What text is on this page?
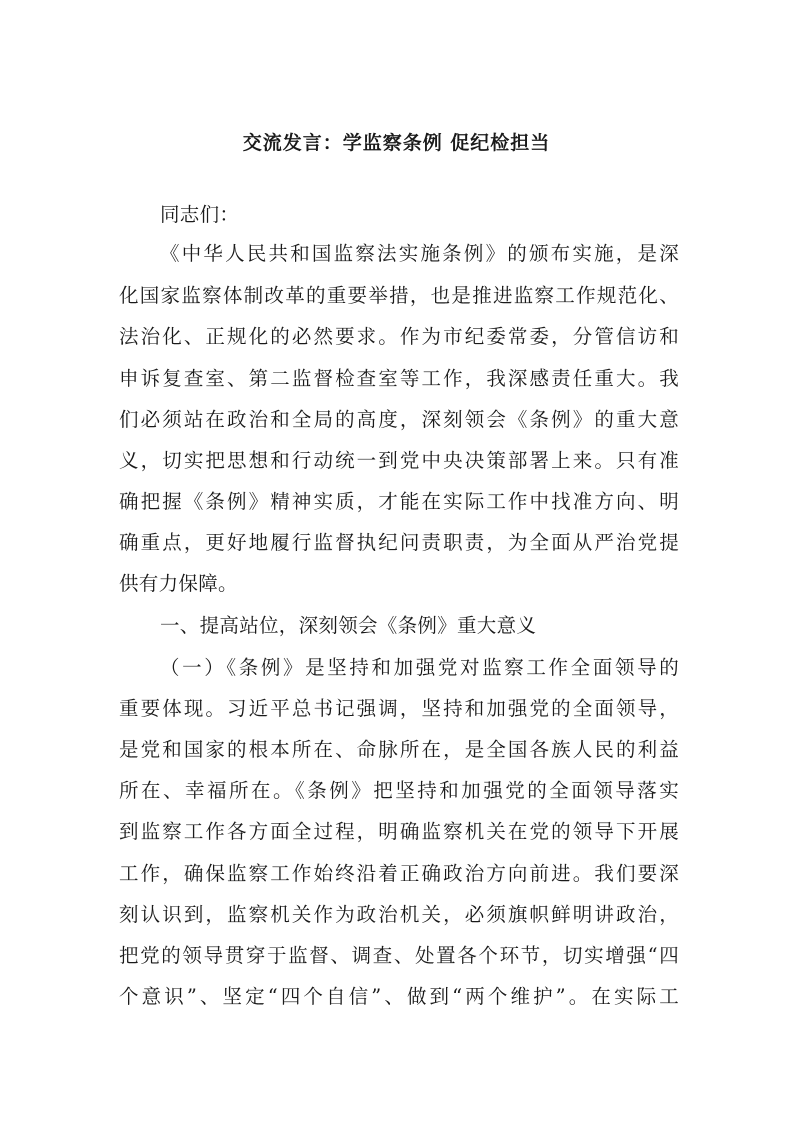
交流发言：学监察条例 促纪检担当
同志们：
《中华人民共和国监察法实施条例》的颁布实施，是深
化国家监察体制改革的重要举措，也是推进监察工作规范化、
法治化、正规化的必然要求。作为市纪委常委，分管信访和
申诉复查室、第二监督检查室等工作，我深感责任重大。我
们必须站在政治和全局的高度，深刻领会《条例》的重大意
义，切实把思想和行动统一到党中央决策部署上来。只有准
确把握《条例》精神实质，才能在实际工作中找准方向、明
确重点，更好地履行监督执纪问责职责，为全面从严治党提
供有力保障。
一、提高站位，深刻领会《条例》重大意义
（一）《条例》是坚持和加强党对监察工作全面领导的
重要体现。习近平总书记强调，坚持和加强党的全面领导，
是党和国家的根本所在、命脉所在，是全国各族人民的利益
所在、幸福所在。《条例》把坚持和加强党的全面领导落实
到监察工作各方面全过程，明确监察机关在党的领导下开展
工作，确保监察工作始终沿着正确政治方向前进。我们要深
刻认识到，监察机关作为政治机关，必须旗帜鲜明讲政治，
把党的领导贯穿于监督、调查、处置各个环节，切实增强“四
个意识”、坚定“四个自信”、做到“两个维护”。在实际工
